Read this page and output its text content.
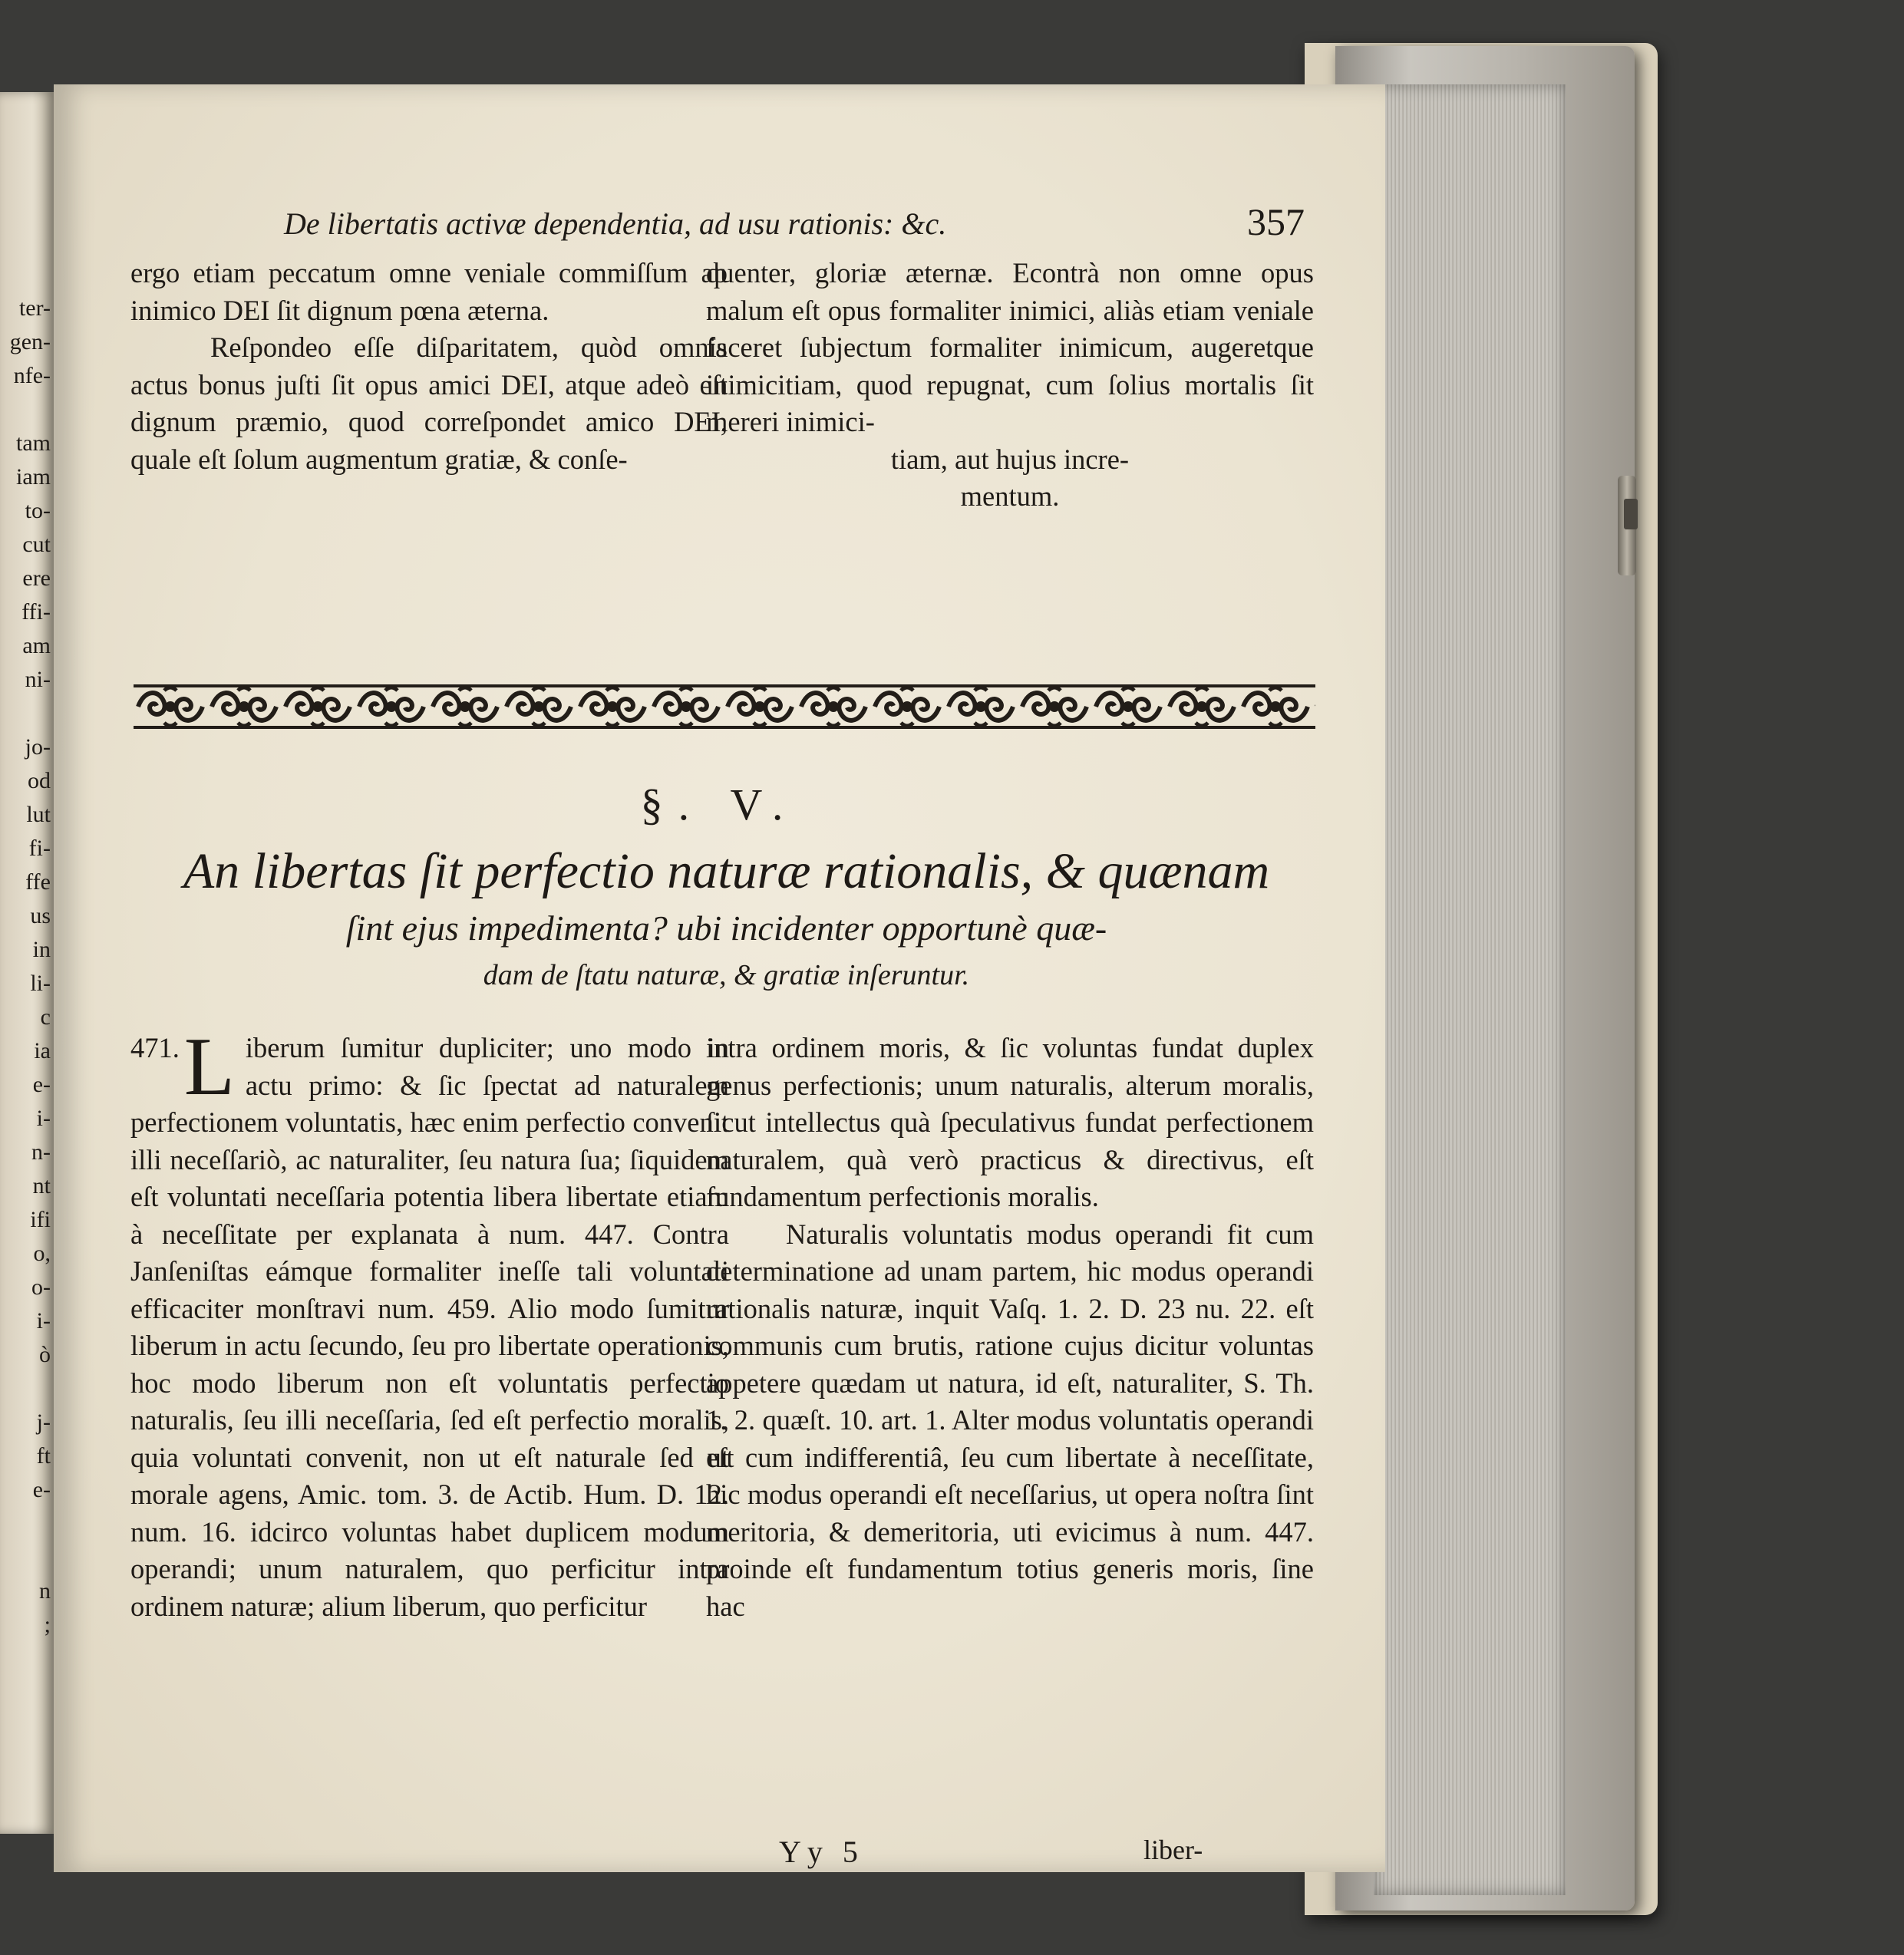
ter-
gen-
nfe-
tam
iam
to-
cut
ere
ffi-
am
ni-
jo-
od
lut
fi-
ffe
us
in
li-
c
ia
e-
i-
n-
nt
ifi
o,
o-
i-
ò
j-
ft
e-
n
;
De libertatis activæ dependentia, ad usu rationis: &c.	357

ergo etiam peccatum omne veniale commiſſum ab inimico DEI ſit dignum pœna æterna.

Reſpondeo eſſe diſparitatem, quòd omnis actus bonus juſti ſit opus amici DEI, atque adeò eſt dignum præmio, quod correſpondet amico DEI, quale eſt ſolum augmentum gratiæ, & conſe-

quenter, gloriæ æternæ. Econtrà non omne opus malum eſt opus formaliter inimici, aliàs etiam veniale faceret ſubjectum formaliter inimicum, augeretque inimicitiam, quod repugnat, cum ſolius mortalis ſit mereri inimici-

tiam, aut hujus incre-

mentum.

§. V.
An libertas ſit perfectio naturæ rationalis, & quænam
ſint ejus impedimenta? ubi incidenter opportunè quæ-
dam de ſtatu naturæ, & gratiæ inſeruntur.

471. L iberum ſumitur dupliciter; uno modo in actu primo: & ſic ſpectat ad naturalem perfectionem voluntatis, hæc enim perfectio convenit illi neceſſariò, ac naturaliter, ſeu natura ſua; ſiquidem eſt voluntati neceſſaria potentia libera libertate etiam à neceſſitate per explanata à num. 447. Contra Janſeniſtas eámque formaliter ineſſe tali voluntati efficaciter monſtravi num. 459. Alio modo ſumitur liberum in actu ſecundo, ſeu pro libertate operationis, hoc modo liberum non eſt voluntatis perfectio naturalis, ſeu illi neceſſaria, ſed eſt perfectio moralis, quia voluntati convenit, non ut eſt naturale ſed ut morale agens, Amic. tom. 3. de Actib. Hum. D. 12. num. 16. idcirco voluntas habet duplicem modum operandi; unum naturalem, quo perficitur intra ordinem naturæ; alium liberum, quo perficitur

intra ordinem moris, & ſic voluntas fundat duplex genus perfectionis; unum naturalis, alterum moralis, ſicut intellectus quà ſpeculativus fundat perfectionem naturalem, quà verò practicus & directivus, eſt fundamentum perfectionis moralis.

Naturalis voluntatis modus operandi fit cum determinatione ad unam partem, hic modus operandi rationalis naturæ, inquit Vaſq. 1. 2. D. 23 nu. 22. eſt communis cum brutis, ratione cujus dicitur voluntas appetere quædam ut natura, id eſt, naturaliter, S. Th. 1. 2. quæſt. 10. art. 1. Alter modus voluntatis operandi eſt cum indifferentiâ, ſeu cum libertate à neceſſitate, hic modus operandi eſt neceſſarius, ut opera noſtra ſint meritoria, & demeritoria, uti evicimus à num. 447. proinde eſt fundamentum totius generis moris, ſine hac

Yy 5	liber-
